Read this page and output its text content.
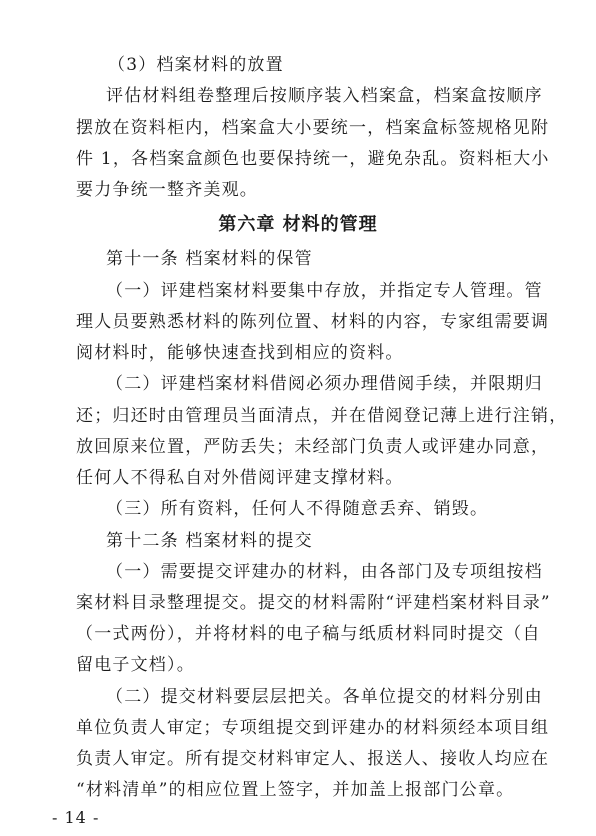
（3）档案材料的放置
评估材料组卷整理后按顺序装入档案盒，档案盒按顺序
摆放在资料柜内，档案盒大小要统一，档案盒标签规格见附
件 1，各档案盒颜色也要保持统一，避免杂乱。资料柜大小
要力争统一整齐美观。
第六章 材料的管理
第十一条 档案材料的保管
（一）评建档案材料要集中存放，并指定专人管理。管
理人员要熟悉材料的陈列位置、材料的内容，专家组需要调
阅材料时，能够快速查找到相应的资料。
（二）评建档案材料借阅必须办理借阅手续，并限期归
还；归还时由管理员当面清点，并在借阅登记薄上进行注销，
放回原来位置，严防丢失；未经部门负责人或评建办同意，
任何人不得私自对外借阅评建支撑材料。
（三）所有资料，任何人不得随意丢弃、销毁。
第十二条 档案材料的提交
（一）需要提交评建办的材料，由各部门及专项组按档
案材料目录整理提交。提交的材料需附“评建档案材料目录”
（一式两份），并将材料的电子稿与纸质材料同时提交（自
留电子文档）。
（二）提交材料要层层把关。各单位提交的材料分别由
单位负责人审定；专项组提交到评建办的材料须经本项目组
负责人审定。所有提交材料审定人、报送人、接收人均应在
“材料清单”的相应位置上签字，并加盖上报部门公章。
- 14 -
